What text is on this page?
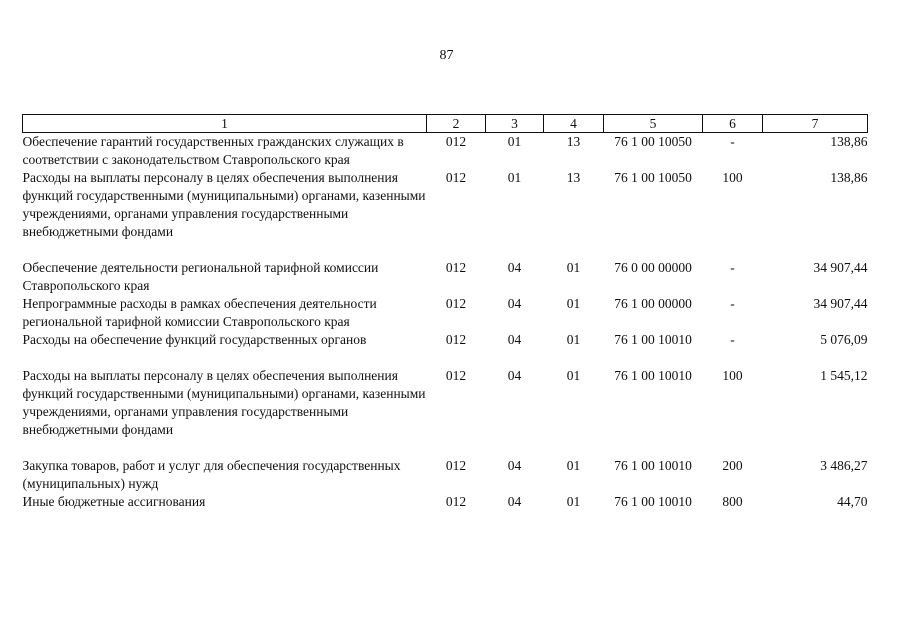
87
1	2	3	4	5	6	7
Обеспечение гарантий государственных гражданских служащих в соответствии с законодательством Ставропольского края	012	01	13	76 1 00 10050	-	138,86
Расходы на выплаты персоналу в целях обеспечения выполнения функций государственными (муниципальными) органами, казенными учреждениями, органами управления государственными внебюджетными фондами	012	01	13	76 1 00 10050	100	138,86

Обеспечение деятельности региональной тарифной комиссии Ставропольского края	012	04	01	76 0 00 00000	-	34 907,44
Непрограммные расходы в рамках обеспечения деятельности региональной тарифной комиссии Ставропольского края	012	04	01	76 1 00 00000	-	34 907,44
Расходы на обеспечение функций государственных органов	012	04	01	76 1 00 10010	-	5 076,09

Расходы на выплаты персоналу в целях обеспечения выполнения функций государственными (муниципальными) органами, казенными учреждениями, органами управления государственными внебюджетными фондами	012	04	01	76 1 00 10010	100	1 545,12

Закупка товаров, работ и услуг для обеспечения государственных (муниципальных) нужд	012	04	01	76 1 00 10010	200	3 486,27
Иные бюджетные ассигнования	012	04	01	76 1 00 10010	800	44,70
